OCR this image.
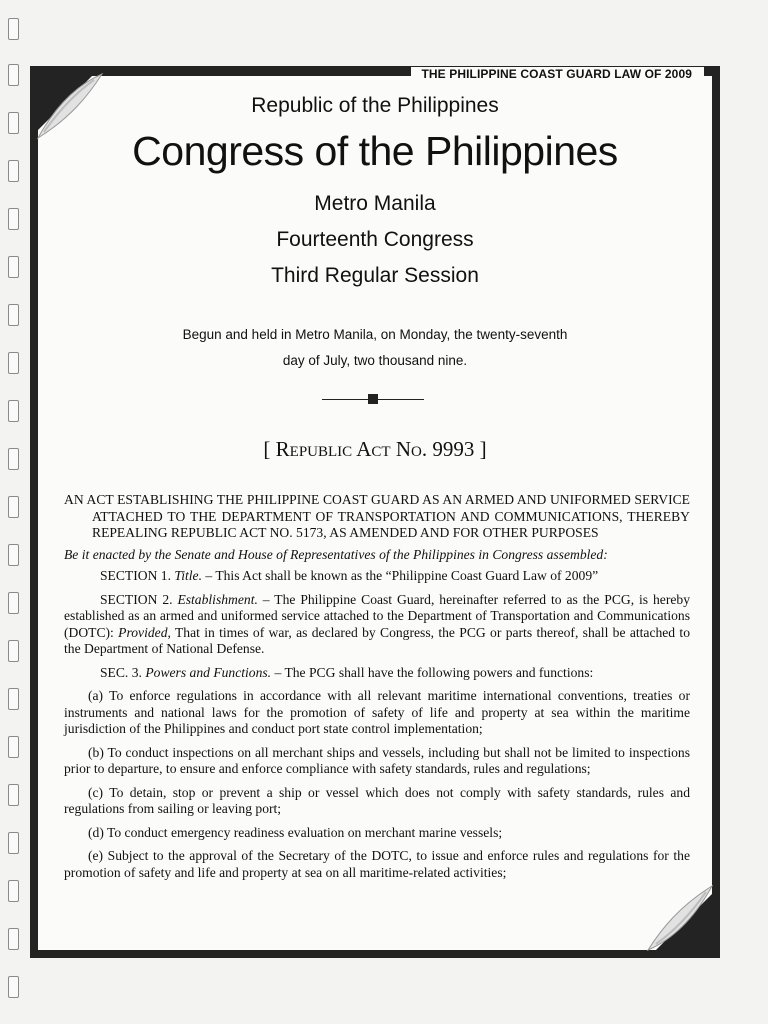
THE PHILIPPINE COAST GUARD LAW OF 2009
Republic of the Philippines
Congress of the Philippines
Metro Manila
Fourteenth Congress
Third Regular Session
Begun and held in Metro Manila, on Monday, the twenty-seventh
day of July, two thousand nine.
[ Republic Act No. 9993 ]

AN ACT ESTABLISHING THE PHILIPPINE COAST GUARD AS AN ARMED AND UNIFORMED SERVICE ATTACHED TO THE DEPARTMENT OF TRANSPORTATION AND COMMUNICATIONS, THEREBY REPEALING REPUBLIC ACT NO. 5173, AS AMENDED AND FOR OTHER PURPOSES

Be it enacted by the Senate and House of Representatives of the Philippines in Congress assembled:

SECTION 1. Title. – This Act shall be known as the “Philippine Coast Guard Law of 2009”

SECTION 2. Establishment. – The Philippine Coast Guard, hereinafter referred to as the PCG, is hereby established as an armed and uniformed service attached to the Department of Transportation and Communications (DOTC): Provided, That in times of war, as declared by Congress, the PCG or parts thereof, shall be attached to the Department of National Defense.

SEC. 3. Powers and Functions. – The PCG shall have the following powers and functions:

(a) To enforce regulations in accordance with all relevant maritime international conventions, treaties or instruments and national laws for the promotion of safety of life and property at sea within the maritime jurisdiction of the Philippines and conduct port state control implementation;

(b) To conduct inspections on all merchant ships and vessels, including but shall not be limited to inspections prior to departure, to ensure and enforce compliance with safety standards, rules and regulations;

(c) To detain, stop or prevent a ship or vessel which does not comply with safety standards, rules and regulations from sailing or leaving port;

(d) To conduct emergency readiness evaluation on merchant marine vessels;

(e) Subject to the approval of the Secretary of the DOTC, to issue and enforce rules and regulations for the promotion of safety and life and property at sea on all maritime-related activities;
